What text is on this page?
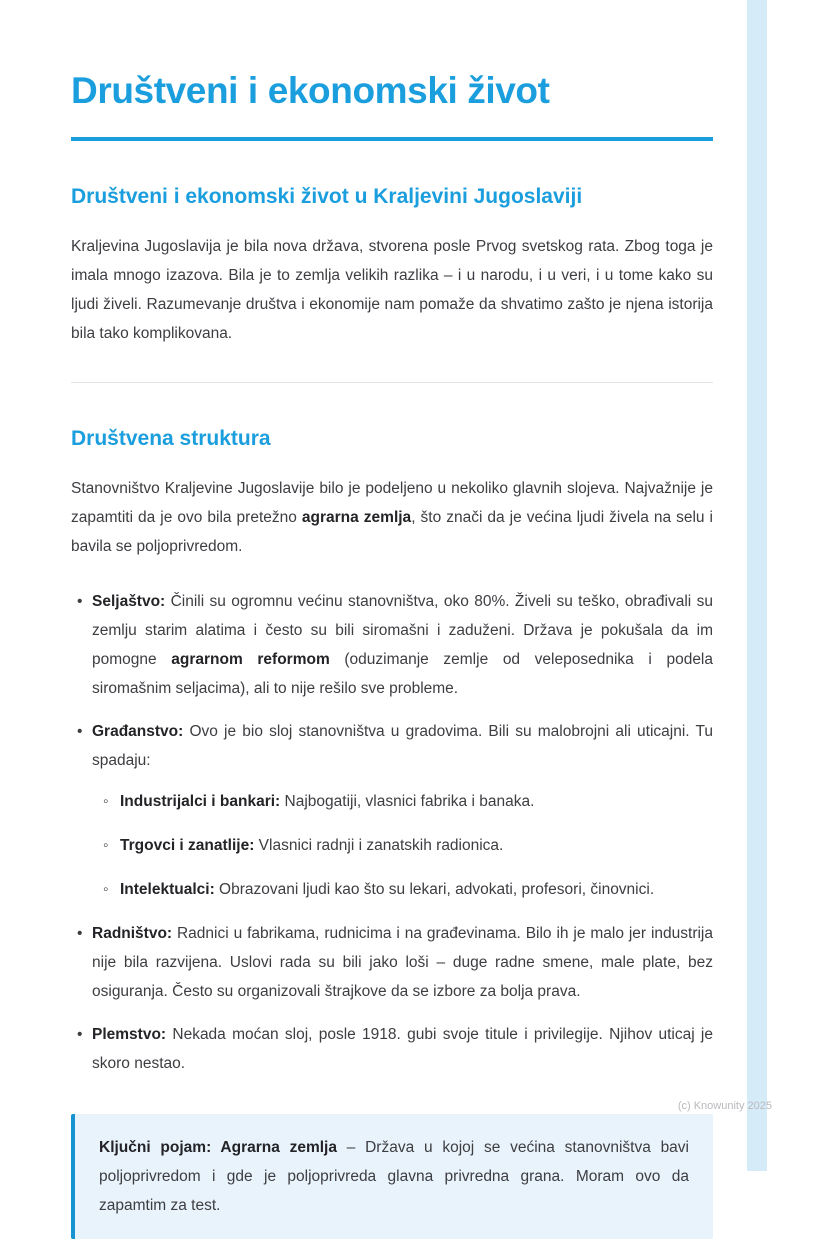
Društveni i ekonomski život
Društveni i ekonomski život u Kraljevini Jugoslaviji

Kraljevina Jugoslavija je bila nova država, stvorena posle Prvog svetskog rata. Zbog toga je imala mnogo izazova. Bila je to zemlja velikih razlika – i u narodu, i u veri, i u tome kako su ljudi živeli. Razumevanje društva i ekonomije nam pomaže da shvatimo zašto je njena istorija bila tako komplikovana.

Društvena struktura

Stanovništvo Kraljevine Jugoslavije bilo je podeljeno u nekoliko glavnih slojeva. Najvažnije je zapamtiti da je ovo bila pretežno agrarna zemlja, što znači da je većina ljudi živela na selu i bavila se poljoprivredom.

• Seljaštvo: Činili su ogromnu većinu stanovništva, oko 80%. Živeli su teško, obrađivali su zemlju starim alatima i često su bili siromašni i zaduženi. Država je pokušala da im pomogne agrarnom reformom (oduzimanje zemlje od veleposednika i podela siromašnim seljacima), ali to nije rešilo sve probleme.

• Građanstvo: Ovo je bio sloj stanovništva u gradovima. Bili su malobrojni ali uticajni. Tu spadaju:

◦ Industrijalci i bankari: Najbogatiji, vlasnici fabrika i banaka.

◦ Trgovci i zanatlije: Vlasnici radnji i zanatskih radionica.

◦ Intelektualci: Obrazovani ljudi kao što su lekari, advokati, profesori, činovnici.

• Radništvo: Radnici u fabrikama, rudnicima i na građevinama. Bilo ih je malo jer industrija nije bila razvijena. Uslovi rada su bili jako loši – duge radne smene, male plate, bez osiguranja. Često su organizovali štrajkove da se izbore za bolja prava.

• Plemstvo: Nekada moćan sloj, posle 1918. gubi svoje titule i privilegije. Njihov uticaj je skoro nestao.

Ključni pojam: Agrarna zemlja – Država u kojoj se većina stanovništva bavi poljoprivredom i gde je poljoprivreda glavna privredna grana. Moram ovo da zapamtim za test.

(c) Knowunity 2025
